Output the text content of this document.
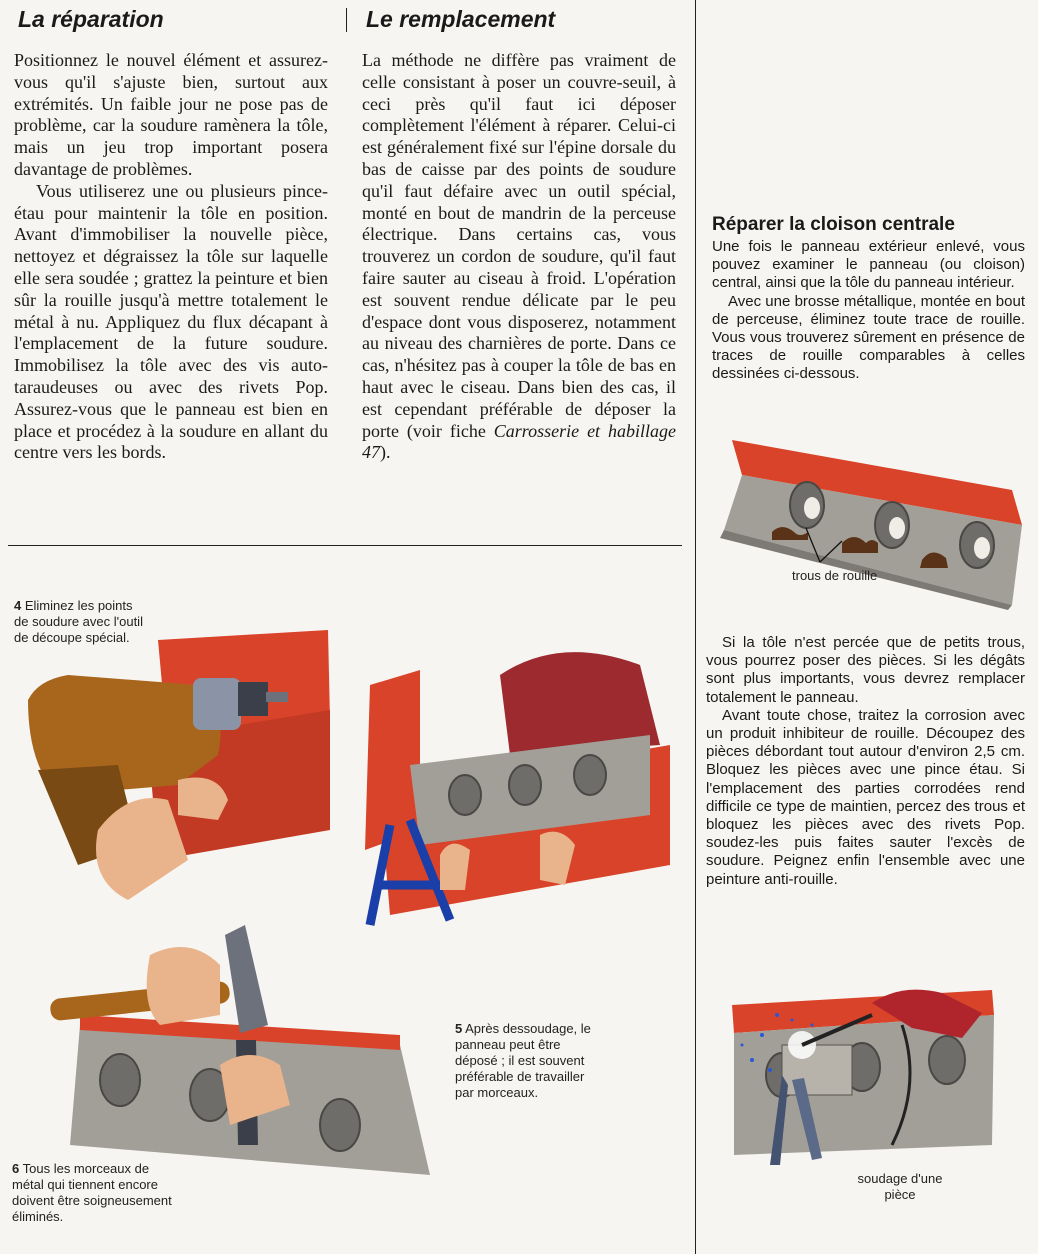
La réparation	Le remplacement

Positionnez le nouvel élément et assurez-vous qu'il s'ajuste bien, surtout aux extrémités. Un faible jour ne pose pas de problème, car la soudure ramènera la tôle, mais un jeu trop important posera davantage de problèmes.

Vous utiliserez une ou plusieurs pince-étau pour maintenir la tôle en position. Avant d'immobiliser la nouvelle pièce, nettoyez et dégraissez la tôle sur laquelle elle sera soudée ; grattez la peinture et bien sûr la rouille jusqu'à mettre totalement le métal à nu. Appliquez du flux décapant à l'emplacement de la future soudure. Immobilisez la tôle avec des vis auto-taraudeuses ou avec des rivets Pop. Assurez-vous que le panneau est bien en place et procédez à la soudure en allant du centre vers les bords.

La méthode ne diffère pas vraiment de celle consistant à poser un couvre-seuil, à ceci près qu'il faut ici déposer complètement l'élément à réparer. Celui-ci est généralement fixé sur l'épine dorsale du bas de caisse par des points de soudure qu'il faut défaire avec un outil spécial, monté en bout de mandrin de la perceuse électrique. Dans certains cas, vous trouverez un cordon de soudure, qu'il faut faire sauter au ciseau à froid. L'opération est souvent rendue délicate par le peu d'espace dont vous disposerez, notamment au niveau des charnières de porte. Dans ce cas, n'hésitez pas à couper la tôle de bas en haut avec le ciseau. Dans bien des cas, il est cependant préférable de déposer la porte (voir fiche Carrosserie et habillage 47).

Réparer la cloison centrale

Une fois le panneau extérieur enlevé, vous pouvez examiner le panneau (ou cloison) central, ainsi que la tôle du panneau intérieur.

Avec une brosse métallique, montée en bout de perceuse, éliminez toute trace de rouille. Vous vous trouverez sûrement en présence de traces de rouille comparables à celles dessinées ci-dessous.

trous de rouille

Si la tôle n'est percée que de petits trous, vous pourrez poser des pièces. Si les dégâts sont plus importants, vous devrez remplacer totalement le panneau.

Avant toute chose, traitez la corrosion avec un produit inhibiteur de rouille. Découpez des pièces débordant tout autour d'environ 2,5 cm. Bloquez les pièces avec une pince étau. Si l'emplacement des parties corrodées rend difficile ce type de maintien, percez des trous et bloquez les pièces avec des rivets Pop. soudez-les puis faites sauter l'excès de soudure. Peignez enfin l'ensemble avec une peinture anti-rouille.

soudage d'une pièce
4 Eliminez les points de soudure avec l'outil de découpe spécial.
5 Après dessoudage, le panneau peut être déposé ; il est souvent préférable de travailler par morceaux.
6 Tous les morceaux de métal qui tiennent encore doivent être soigneusement éliminés.
